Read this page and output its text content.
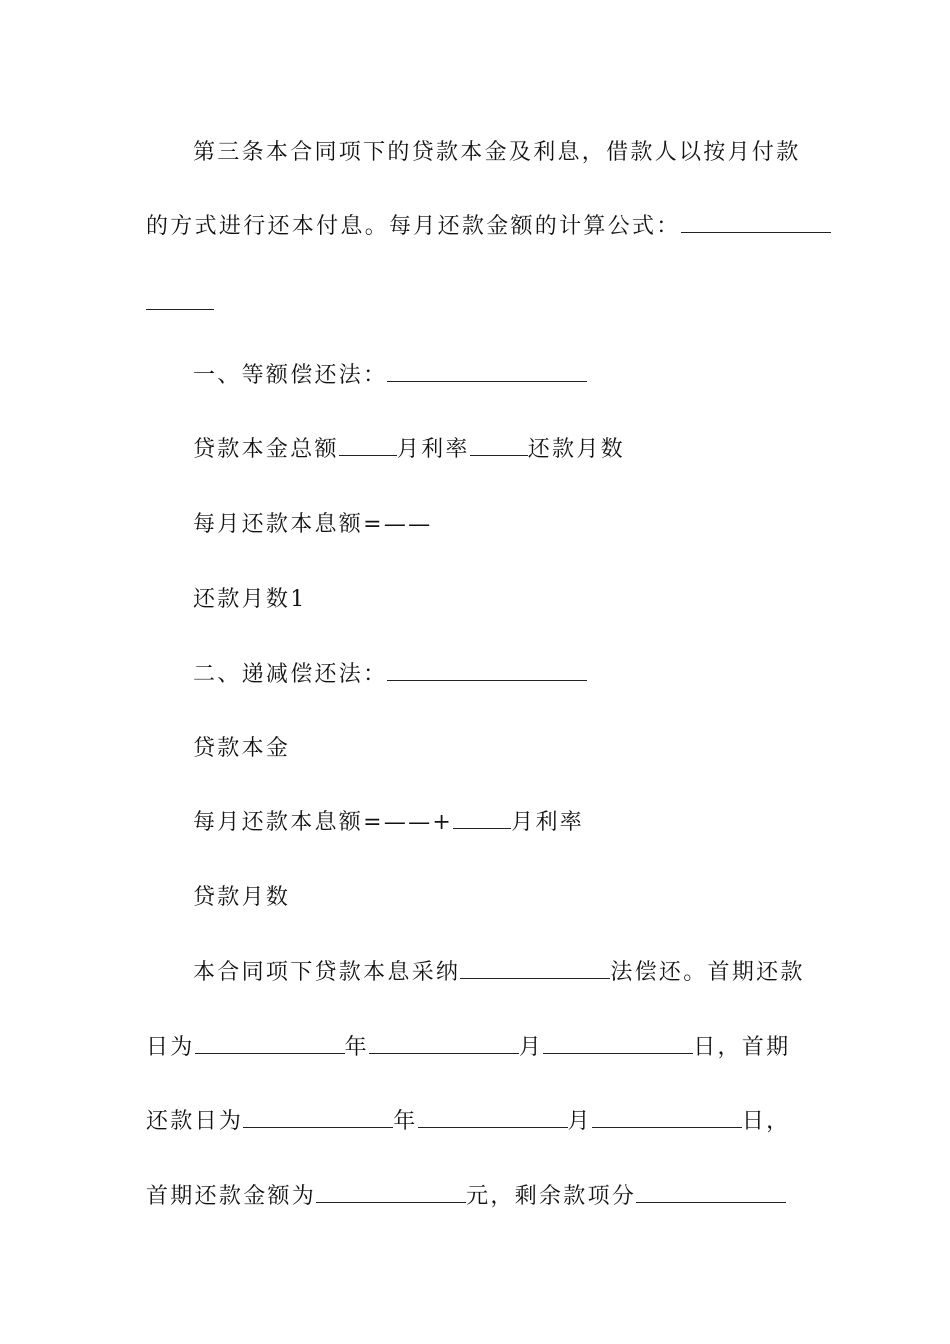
第三条本合同项下的贷款本金及利息，借款人以按月付款
的方式进行还本付息。每月还款金额的计算公式：
一、等额偿还法：
贷款本金总额	月利率	还款月数
每月还款本息额=——
还款月数1
二、递减偿还法：
贷款本金
每月还款本息额=——+	月利率
贷款月数
本合同项下贷款本息采纳	法偿还。首期还款
日为	年	月	日，首期
还款日为	年	月	日，
首期还款金额为	元，剩余款项分
